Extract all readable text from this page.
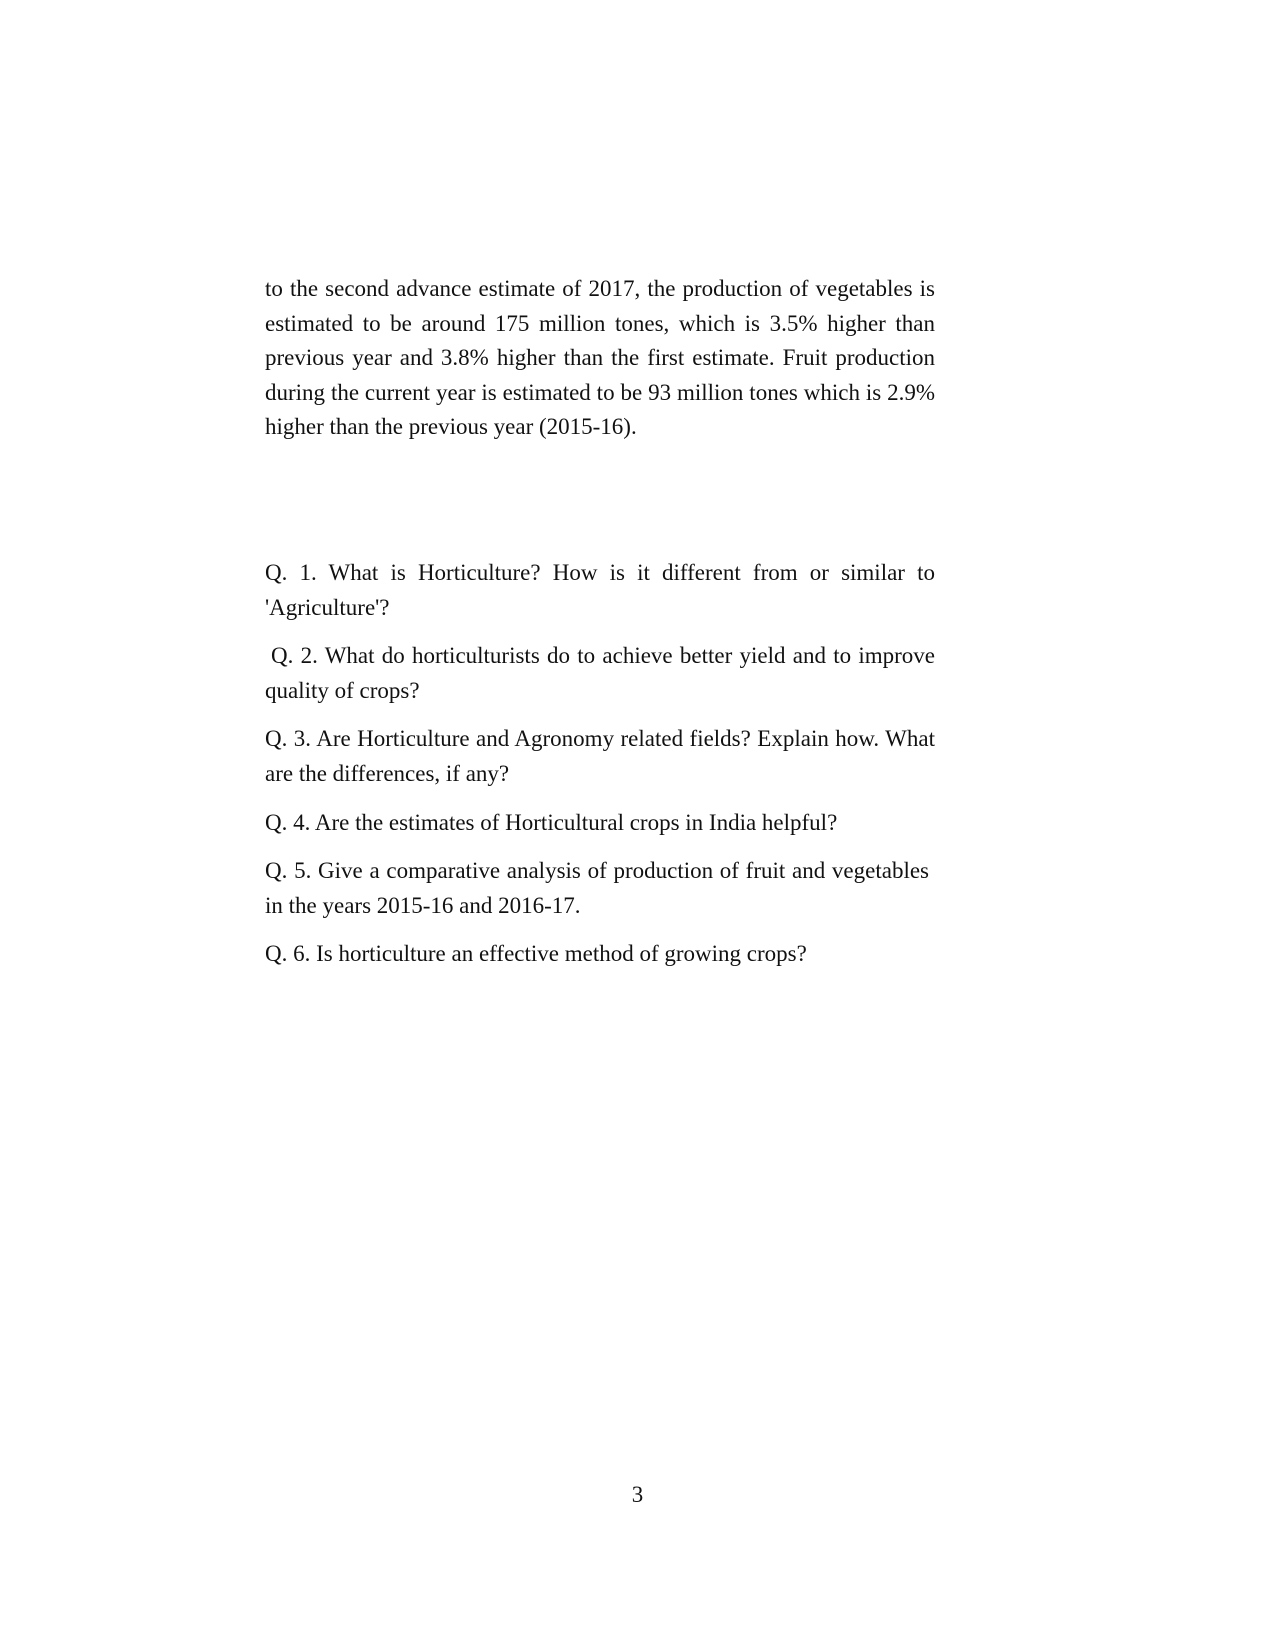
to the second advance estimate of 2017, the production of vegetables is estimated to be around 175 million tones, which is 3.5% higher than previous year and 3.8% higher than the first estimate. Fruit production during the current year is estimated to be 93 million tones which is 2.9% higher than the previous year (2015-16).

Q. 1. What is Horticulture? How is it different from or similar to 'Agriculture'?

Q. 2. What do horticulturists do to achieve better yield and to improve quality of crops?

Q. 3. Are Horticulture and Agronomy related fields? Explain how. What are the differences, if any?

Q. 4. Are the estimates of Horticultural crops in India helpful?

Q. 5. Give a comparative analysis of production of fruit and vegetables in the years 2015-16 and 2016-17.

Q. 6. Is horticulture an effective method of growing crops?

3
